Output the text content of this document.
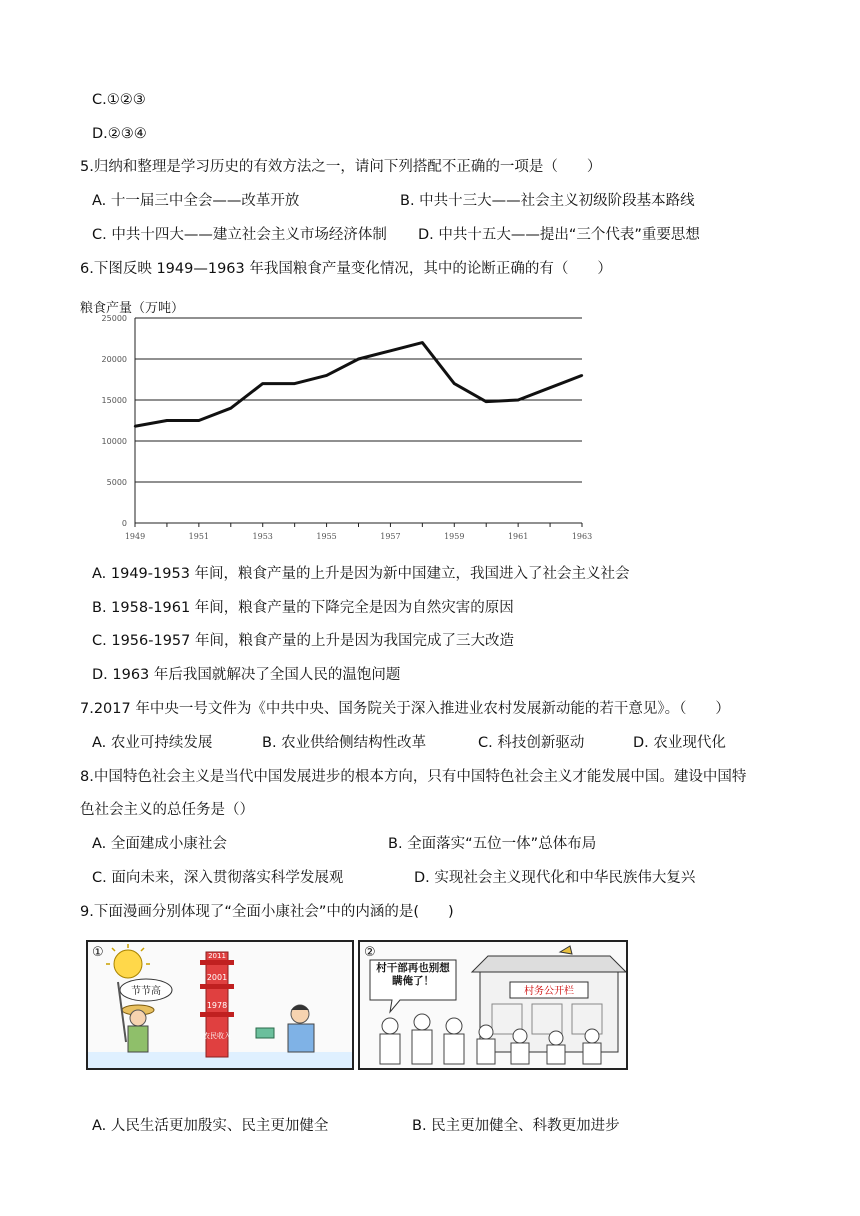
C.①②③
D.②③④
5.归纳和整理是学习历史的有效方法之一，请问下列搭配不正确的一项是（　　）
A. 十一届三中全会——改革开放	B. 中共十三大——社会主义初级阶段基本路线
C. 中共十四大——建立社会主义市场经济体制 D. 中共十五大——提出“三个代表”重要思想
6.下图反映 1949—1963 年我国粮食产量变化情况，其中的论断正确的有（　　）
粮食产量（万吨）
0
5000
10000
15000
20000
25000
1949	1951	1953	1955	1957	1959	1961	1963
A. 1949-1953 年间，粮食产量的上升是因为新中国建立，我国进入了社会主义社会
B. 1958-1961 年间，粮食产量的下降完全是因为自然灾害的原因
C. 1956-1957 年间，粮食产量的上升是因为我国完成了三大改造
D. 1963 年后我国就解决了全国人民的温饱问题
7.2017 年中央一号文件为《中共中央、国务院关于深入推进业农村发展新动能的若干意见》。（　　）
A. 农业可持续发展	B. 农业供给侧结构性改革	C. 科技创新驱动	D. 农业现代化
8.中国特色社会主义是当代中国发展进步的根本方向，只有中国特色社会主义才能发展中国。建设中国特
色社会主义的总任务是（）
A. 全面建成小康社会	B. 全面落实“五位一体”总体布局
C. 面向未来，深入贯彻落实科学发展观	D. 实现社会主义现代化和中华民族伟大复兴
9.下面漫画分别体现了“全面小康社会”中的内涵的是(　　)
①
节节高
2011
2001
1978
农民收入
②
村干部再也别想瞒俺了！
村务公开栏
A. 人民生活更加殷实、民主更加健全	B. 民主更加健全、科教更加进步
